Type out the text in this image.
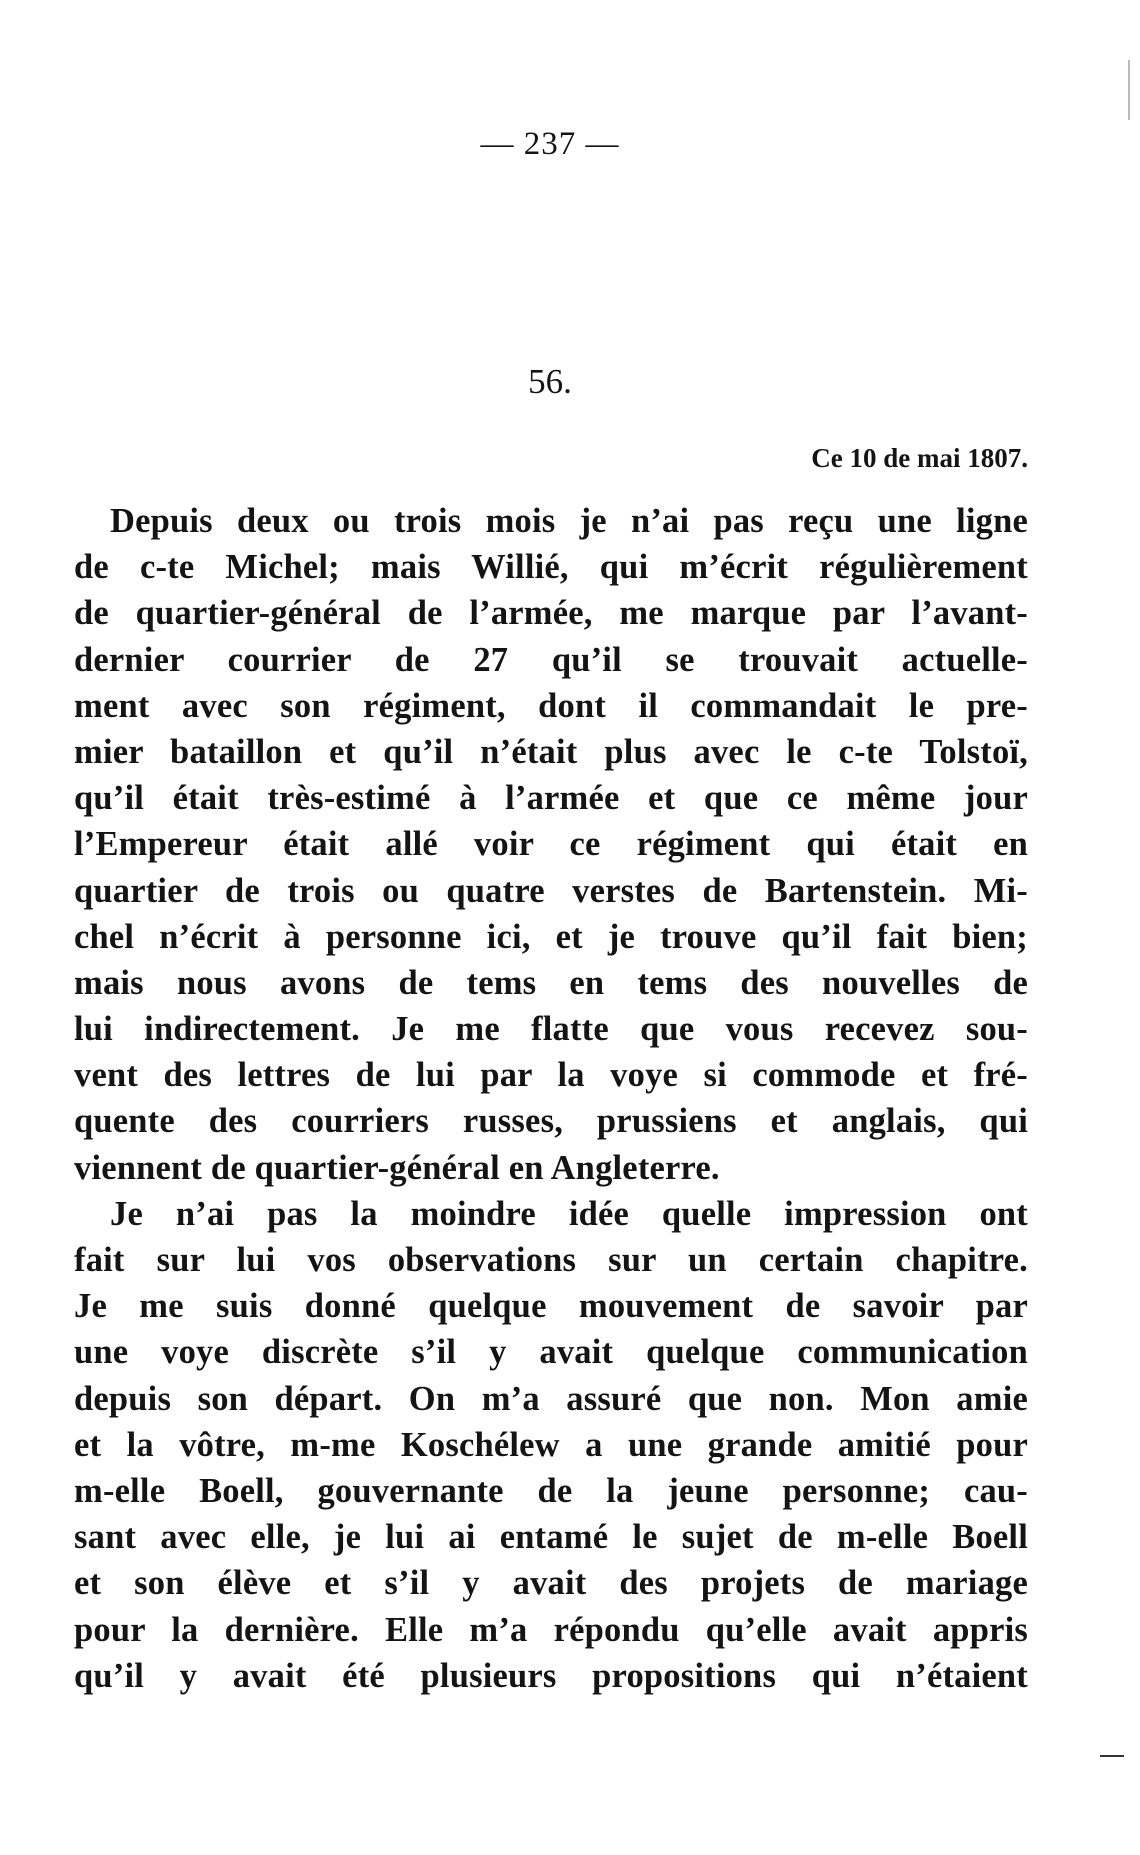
— 237 —
56.
Ce 10 de mai 1807.
Depuis deux ou trois mois je n’ai pas reçu une ligne
de c-te Michel; mais Willié, qui m’écrit régulièrement
de quartier-général de l’armée, me marque par l’avant-
dernier courrier de 27 qu’il se trouvait actuelle-
ment avec son régiment, dont il commandait le pre-
mier bataillon et qu’il n’était plus avec le c-te Tolstoï,
qu’il était très-estimé à l’armée et que ce même jour
l’Empereur était allé voir ce régiment qui était en
quartier de trois ou quatre verstes de Bartenstein. Mi-
chel n’écrit à personne ici, et je trouve qu’il fait bien;
mais nous avons de tems en tems des nouvelles de
lui indirectement. Je me flatte que vous recevez sou-
vent des lettres de lui par la voye si commode et fré-
quente des courriers russes, prussiens et anglais, qui
viennent de quartier-général en Angleterre.
Je n’ai pas la moindre idée quelle impression ont
fait sur lui vos observations sur un certain chapitre.
Je me suis donné quelque mouvement de savoir par
une voye discrète s’il y avait quelque communication
depuis son départ. On m’a assuré que non. Mon amie
et la vôtre, m-me Koschélew a une grande amitié pour
m-elle Boell, gouvernante de la jeune personne; cau-
sant avec elle, je lui ai entamé le sujet de m-elle Boell
et son élève et s’il y avait des projets de mariage
pour la dernière. Elle m’a répondu qu’elle avait appris
qu’il y avait été plusieurs propositions qui n’étaient
